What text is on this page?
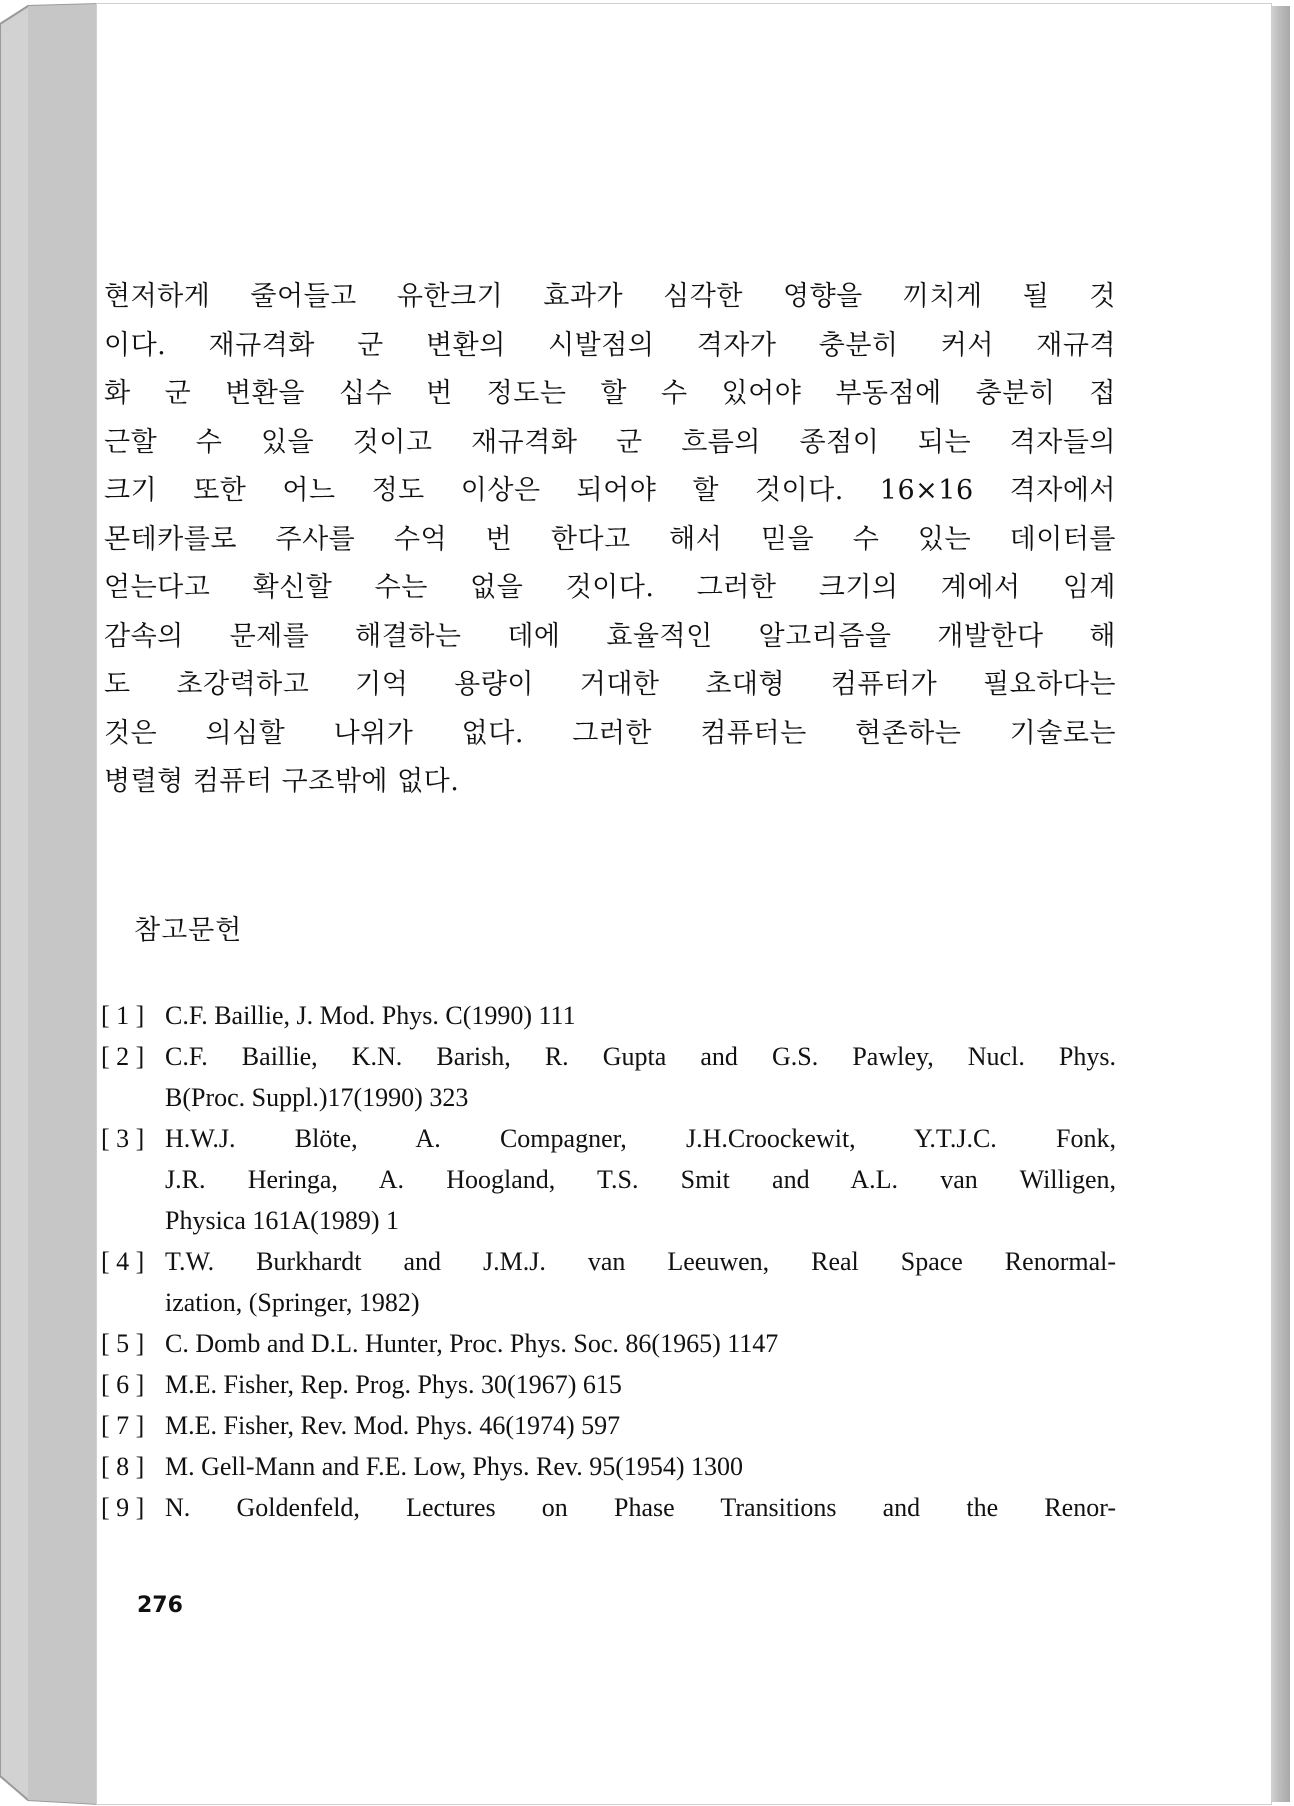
현저하게 줄어들고 유한크기 효과가 심각한 영향을 끼치게 될 것
이다. 재규격화 군 변환의 시발점의 격자가 충분히 커서 재규격
화 군 변환을 십수 번 정도는 할 수 있어야 부동점에 충분히 접
근할 수 있을 것이고 재규격화 군 흐름의 종점이 되는 격자들의
크기 또한 어느 정도 이상은 되어야 할 것이다. 16×16 격자에서
몬테카를로 주사를 수억 번 한다고 해서 믿을 수 있는 데이터를
얻는다고 확신할 수는 없을 것이다. 그러한 크기의 계에서 임계
감속의 문제를 해결하는 데에 효율적인 알고리즘을 개발한다 해
도 초강력하고 기억 용량이 거대한 초대형 컴퓨터가 필요하다는
것은 의심할 나위가 없다. 그러한 컴퓨터는 현존하는 기술로는
병렬형 컴퓨터 구조밖에 없다.
참고문헌
[ 1 ] C.F. Baillie, J. Mod. Phys. C(1990) 111
[ 2 ] C.F. Baillie, K.N. Barish, R. Gupta and G.S. Pawley, Nucl. Phys.
B(Proc. Suppl.)17(1990) 323
[ 3 ] H.W.J. Blöte, A. Compagner, J.H.Croockewit, Y.T.J.C. Fonk,
J.R. Heringa, A. Hoogland, T.S. Smit and A.L. van Willigen,
Physica 161A(1989) 1
[ 4 ] T.W. Burkhardt and J.M.J. van Leeuwen, Real Space Renormal-
ization, (Springer, 1982)
[ 5 ] C. Domb and D.L. Hunter, Proc. Phys. Soc. 86(1965) 1147
[ 6 ] M.E. Fisher, Rep. Prog. Phys. 30(1967) 615
[ 7 ] M.E. Fisher, Rev. Mod. Phys. 46(1974) 597
[ 8 ] M. Gell-Mann and F.E. Low, Phys. Rev. 95(1954) 1300
[ 9 ] N. Goldenfeld, Lectures on Phase Transitions and the Renor-
276
